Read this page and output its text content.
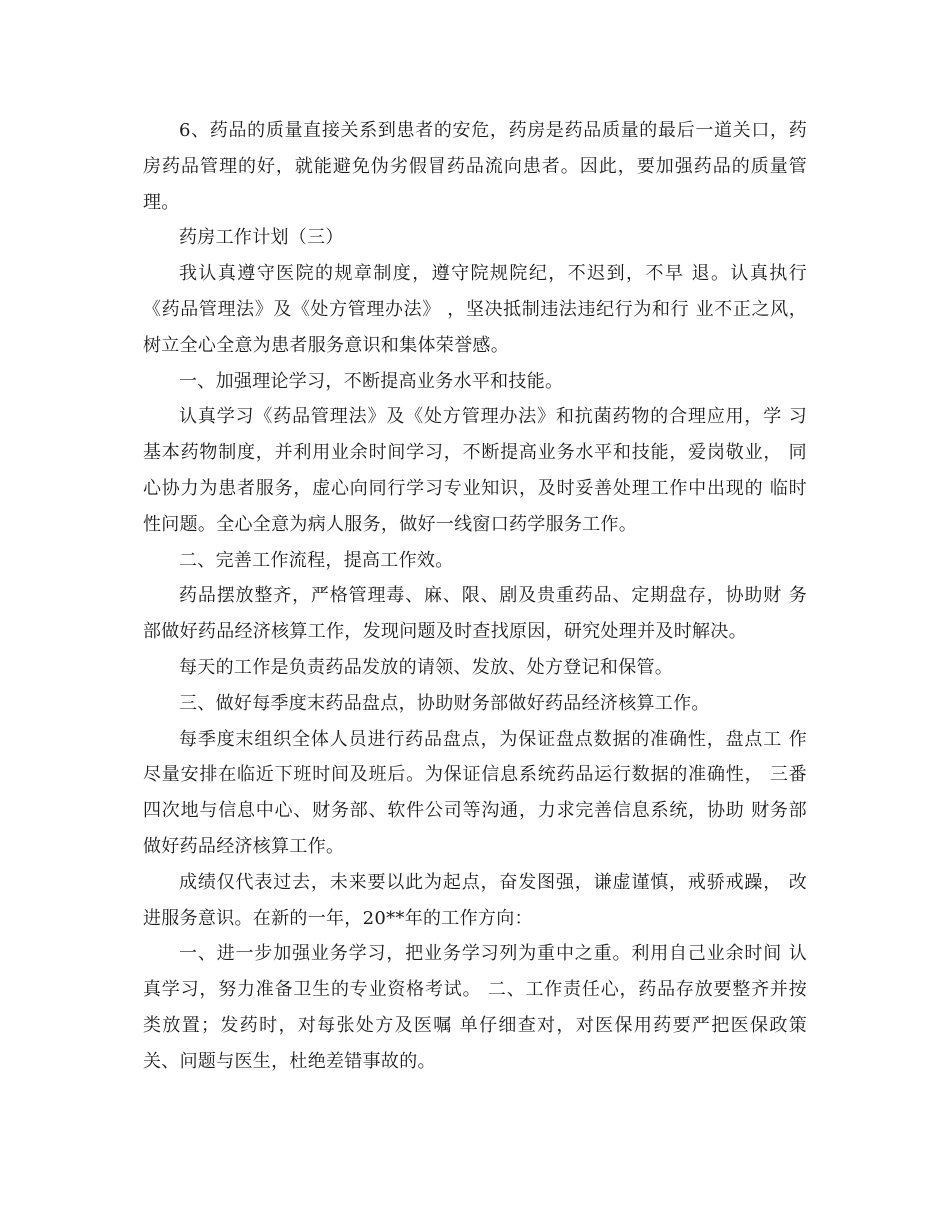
6、药品的质量直接关系到患者的安危，药房是药品质量的最后一道关口，药房药品管理的好，就能避免伪劣假冒药品流向患者。因此，要加强药品的质量管理。

药房工作计划（三）

我认真遵守医院的规章制度，遵守院规院纪，不迟到，不早 退。认真执行《药品管理法》及《处方管理办法》 ，坚决抵制违法违纪行为和行 业不正之风，树立全心全意为患者服务意识和集体荣誉感。

一、加强理论学习，不断提高业务水平和技能。

认真学习《药品管理法》及《处方管理办法》和抗菌药物的合理应用，学 习基本药物制度，并利用业余时间学习，不断提高业务水平和技能，爱岗敬业， 同心协力为患者服务，虚心向同行学习专业知识，及时妥善处理工作中出现的 临时性问题。全心全意为病人服务，做好一线窗口药学服务工作。

二、完善工作流程，提高工作效。

药品摆放整齐，严格管理毒、麻、限、剧及贵重药品、定期盘存，协助财 务部做好药品经济核算工作，发现问题及时查找原因，研究处理并及时解决。

每天的工作是负责药品发放的请领、发放、处方登记和保管。

三、做好每季度末药品盘点，协助财务部做好药品经济核算工作。

每季度末组织全体人员进行药品盘点，为保证盘点数据的准确性，盘点工 作尽量安排在临近下班时间及班后。为保证信息系统药品运行数据的准确性， 三番四次地与信息中心、财务部、软件公司等沟通，力求完善信息系统，协助 财务部做好药品经济核算工作。

成绩仅代表过去，未来要以此为起点，奋发图强，谦虚谨慎，戒骄戒躁， 改进服务意识。在新的一年，20**年的工作方向：

一、进一步加强业务学习，把业务学习列为重中之重。利用自己业余时间 认真学习，努力准备卫生的专业资格考试。 二、工作责任心，药品存放要整齐并按类放置；发药时，对每张处方及医嘱 单仔细查对，对医保用药要严把医保政策关、问题与医生，杜绝差错事故的。
